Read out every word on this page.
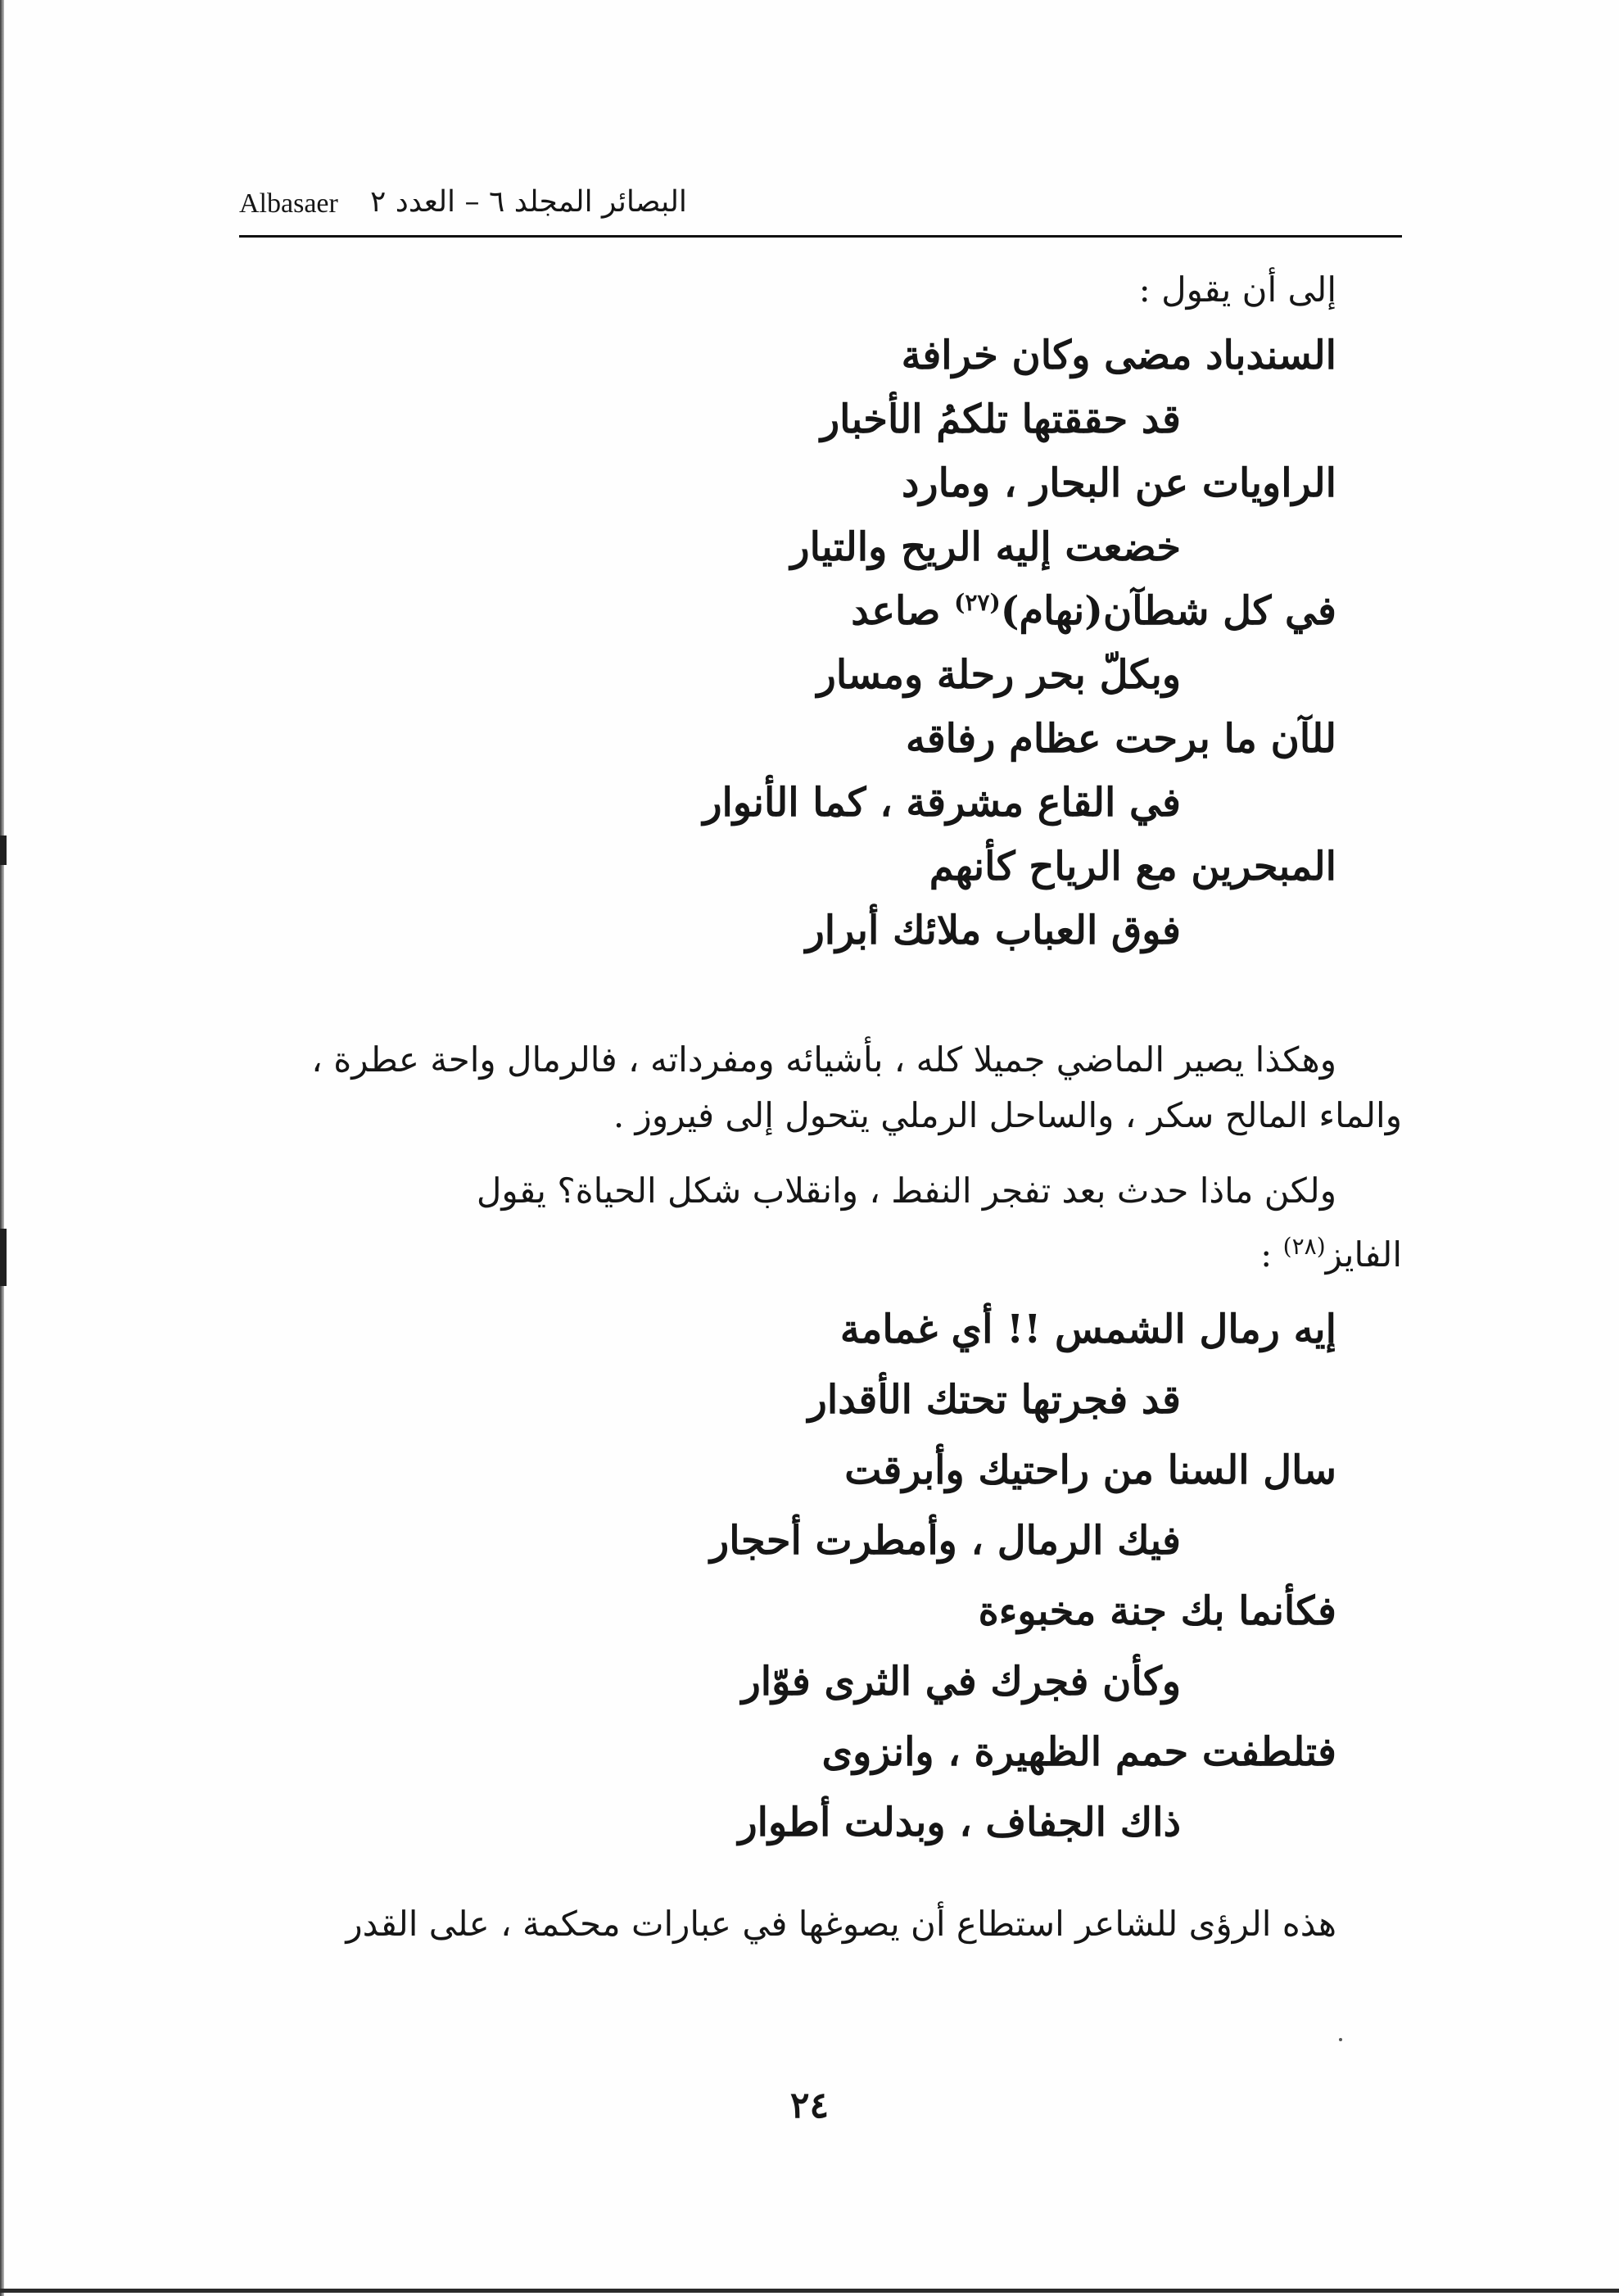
Albasaer البصائر المجلد ٦ – العدد ٢

إلى أن يقول :

السندباد مضى وكان خرافة
قد حققتها تلكمُ الأخبار
الراويات عن البحار ، ومارد
خضعت إليه الريح والتيار
في كل شطآن(نهام)$^{(٢٧)}$ صاعد
وبكلّ بحر رحلة ومسار
للآن ما برحت عظام رفاقه
في القاع مشرقة ، كما الأنوار
المبحرين مع الرياح كأنهم
فوق العباب ملائك أبرار

وهكذا يصير الماضي جميلا كله ، بأشيائه ومفرداته ، فالرمال واحة عطرة ،

والماء المالح سكر ، والساحل الرملي يتحول إلى فيروز .

ولكن ماذا حدث بعد تفجر النفط ، وانقلاب شكل الحياة؟ يقول

الفايز$^{(٢٨)}$ :

إيه رمال الشمس !! أي غمامة
قد فجرتها تحتك الأقدار
سال السنا من راحتيك وأبرقت
فيك الرمال ، وأمطرت أحجار
فكأنما بك جنة مخبوءة
وكأن فجرك في الثرى فوّار
فتلطفت حمم الظهيرة ، وانزوى
ذاك الجفاف ، وبدلت أطوار

هذه الرؤى للشاعر استطاع أن يصوغها في عبارات محكمة ، على القدر

٢٤
